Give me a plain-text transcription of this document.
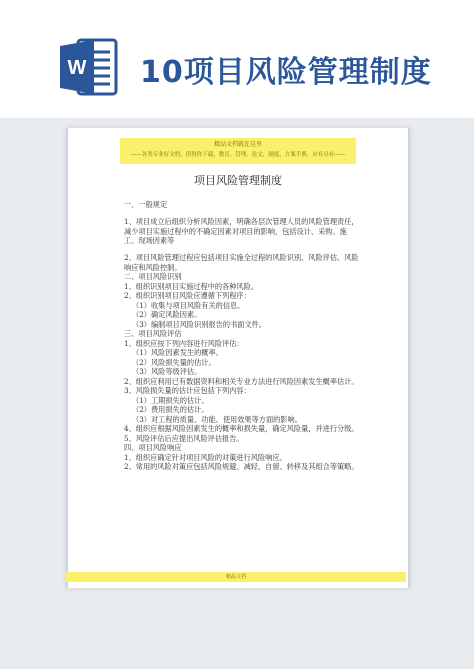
W 10项目风险管理制度
精品文档就在这里
——各类专业好文档，值得你下载，教育、管理、论文，制度，方案手册，应有尽有——
项目风险管理制度
一、一般规定
1、项目成立后组织分析风险因素，明确各层次管理人员的风险管理责任，减少项目实施过程中的不确定因素对项目的影响，包括设计、采购、施工、现场因素等
2、项目风险管理过程应包括项目实施全过程的风险识别、风险评估、风险响应和风险控制。
二、项目风险识别
1、组织识别项目实施过程中的各种风险。
2、组织识别项目风险应遵循下列程序：
（1）收集与项目风险有关的信息。
（2）确定风险因素。
（3）编制项目风险识别报告的书面文件。
三、项目风险评估
1、组织应按下列内容进行风险评估：
（1）风险因素发生的概率。
（2）风险损失量的估计。
（3）风险等级评估。
2、组织应利用已有数据资料和相关专业方法进行风险因素发生概率估计。
3、风险损失量的估计应包括下列内容：
（1）工期损失的估计。
（2）费用损失的估计。
（3）对工程的质量、功能、使用效果等方面的影响。
4、组织应根据风险因素发生的概率和损失量，确定风险量，并进行分级。
5、风险评估后应提出风险评估报告。
四、项目风险响应
1、组织应确定针对项目风险的对策进行风险响应。
2、常用的风险对策应包括风险规避、减轻、自留、转移及其组合等策略。
精品文档
